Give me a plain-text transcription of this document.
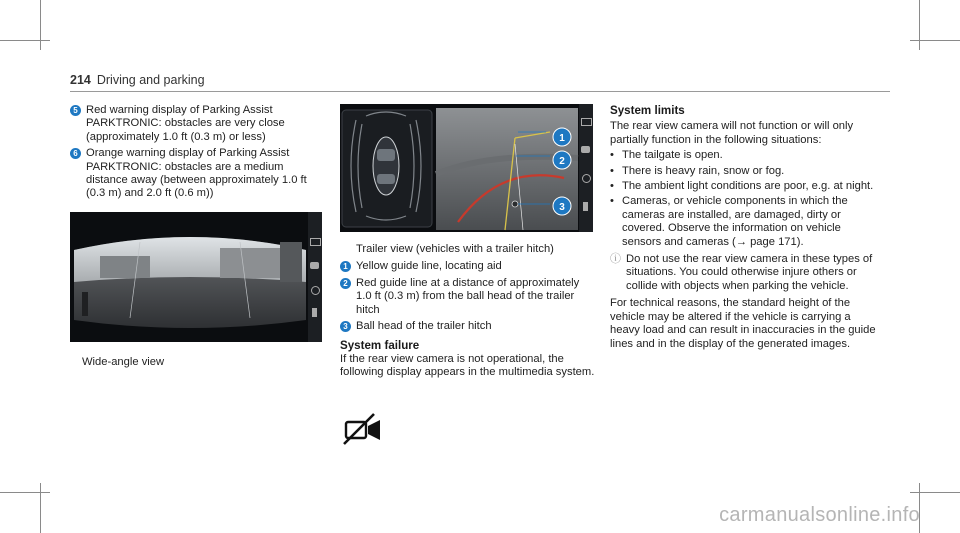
214 Driving and parking
5 Red warning display of Parking Assist PARKTRONIC: obstacles are very close (approximately 1.0 ft (0.3 m) or less)
6 Orange warning display of Parking Assist PARKTRONIC: obstacles are a medium distance away (between approximately 1.0 ft (0.3 m) and 2.0 ft (0.6 m))
Wide-angle view
1
2
3
Trailer view (vehicles with a trailer hitch)
1 Yellow guide line, locating aid
2 Red guide line at a distance of approximately 1.0 ft (0.3 m) from the ball head of the trailer hitch
3 Ball head of the trailer hitch
System failure
If the rear view camera is not operational, the following display appears in the multimedia system.
System limits
The rear view camera will not function or will only partially function in the following situations:
• The tailgate is open.
• There is heavy rain, snow or fog.
• The ambient light conditions are poor, e.g. at night.
• Cameras, or vehicle components in which the cameras are installed, are damaged, dirty or covered. Observe the information on vehicle sensors and cameras (→ page 171).
ⓘ Do not use the rear view camera in these types of situations. You could otherwise injure others or collide with objects when parking the vehicle.
For technical reasons, the standard height of the vehicle may be altered if the vehicle is carrying a heavy load and can result in inaccuracies in the guide lines and in the display of the generated images.
carmanualsonline.info
